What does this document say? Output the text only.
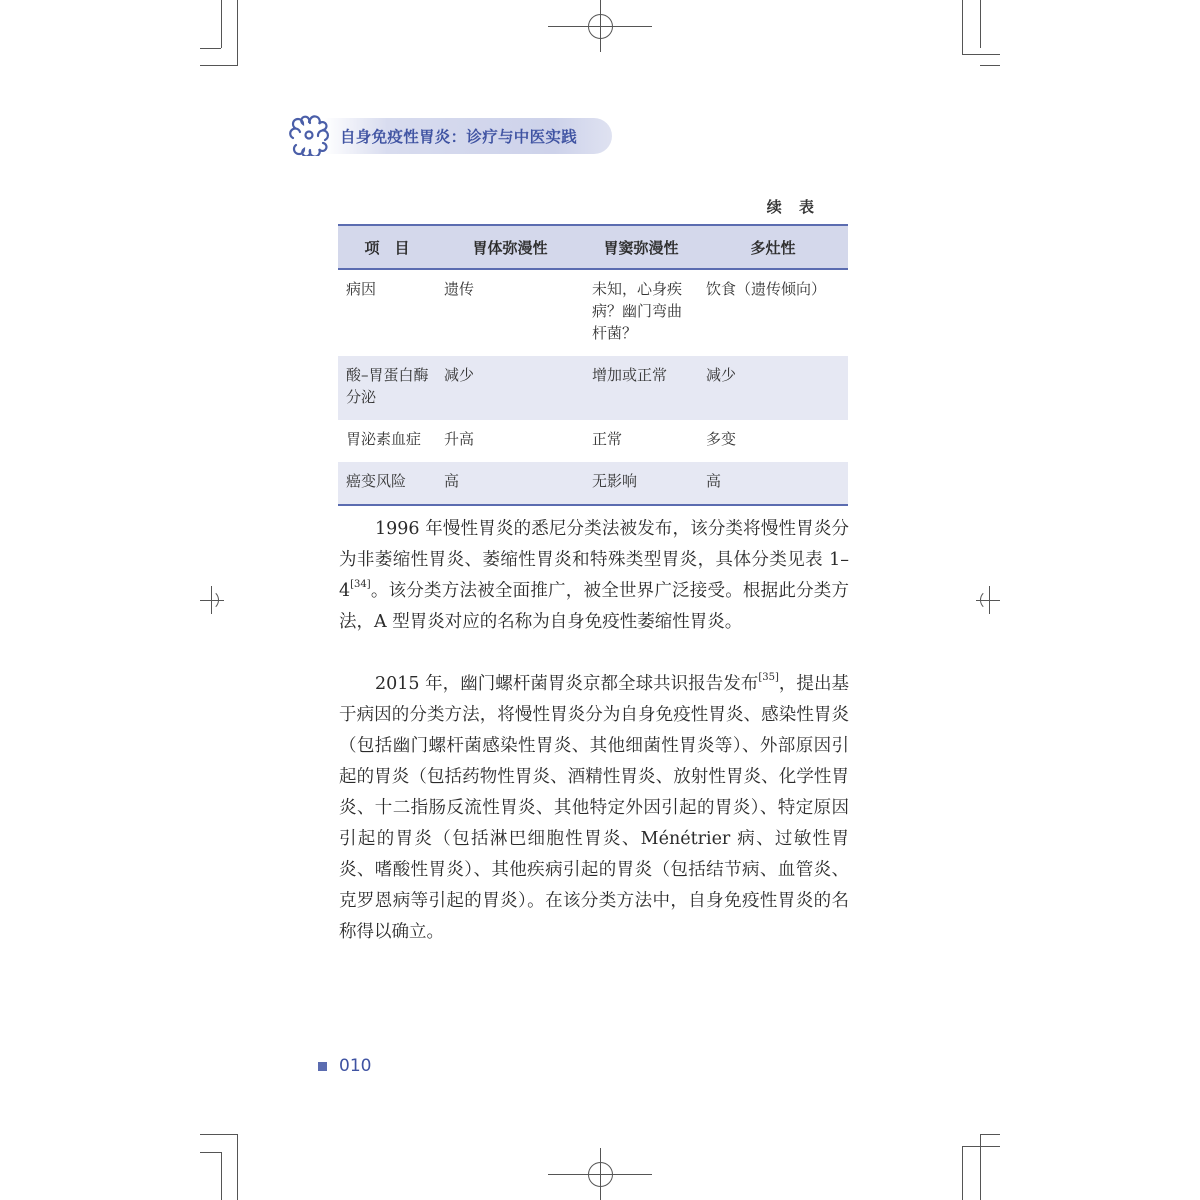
自身免疫性胃炎：诊疗与中医实践
续 表
项　目	胃体弥漫性	胃窦弥漫性	多灶性
病因	遗传	未知，心身疾病？幽门弯曲杆菌？	饮食（遗传倾向）
酸–胃蛋白酶分泌	减少	增加或正常	减少
胃泌素血症	升高	正常	多变
癌变风险	高	无影响	高

1996 年慢性胃炎的悉尼分类法被发布，该分类将慢性胃炎分为非萎缩性胃炎、萎缩性胃炎和特殊类型胃炎，具体分类见表 1–4[34]。该分类方法被全面推广，被全世界广泛接受。根据此分类方法，A 型胃炎对应的名称为自身免疫性萎缩性胃炎。

2015 年，幽门螺杆菌胃炎京都全球共识报告发布[35]，提出基于病因的分类方法，将慢性胃炎分为自身免疫性胃炎、感染性胃炎（包括幽门螺杆菌感染性胃炎、其他细菌性胃炎等）、外部原因引起的胃炎（包括药物性胃炎、酒精性胃炎、放射性胃炎、化学性胃炎、十二指肠反流性胃炎、其他特定外因引起的胃炎）、特定原因引起的胃炎（包括淋巴细胞性胃炎、Ménétrier 病、过敏性胃炎、嗜酸性胃炎）、其他疾病引起的胃炎（包括结节病、血管炎、克罗恩病等引起的胃炎）。在该分类方法中，自身免疫性胃炎的名称得以确立。

010
